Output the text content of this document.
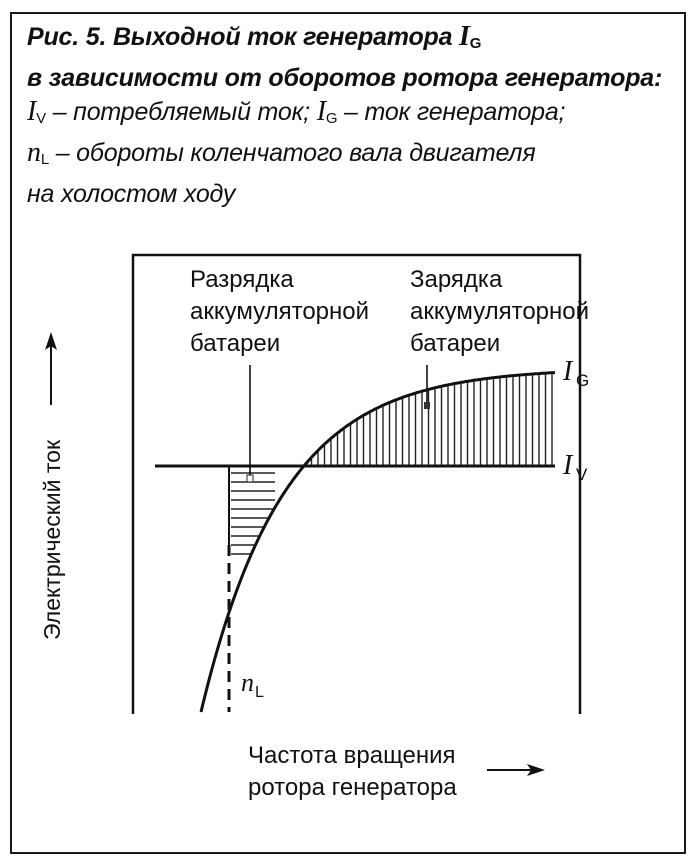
Рис. 5. Выходной ток генератора $I_G$
в зависимости от оборотов ротора генератора:
$I_V$ – потребляемый ток; $I_G$ – ток генератора;
$n_L$ – обороты коленчатого вала двигателя
на холостом ходу
Разрядка
аккумуляторной
батареи
Зарядка
аккумуляторной
батареи
I G
I V
n L
Электрический ток
Частота вращения
ротора генератора
